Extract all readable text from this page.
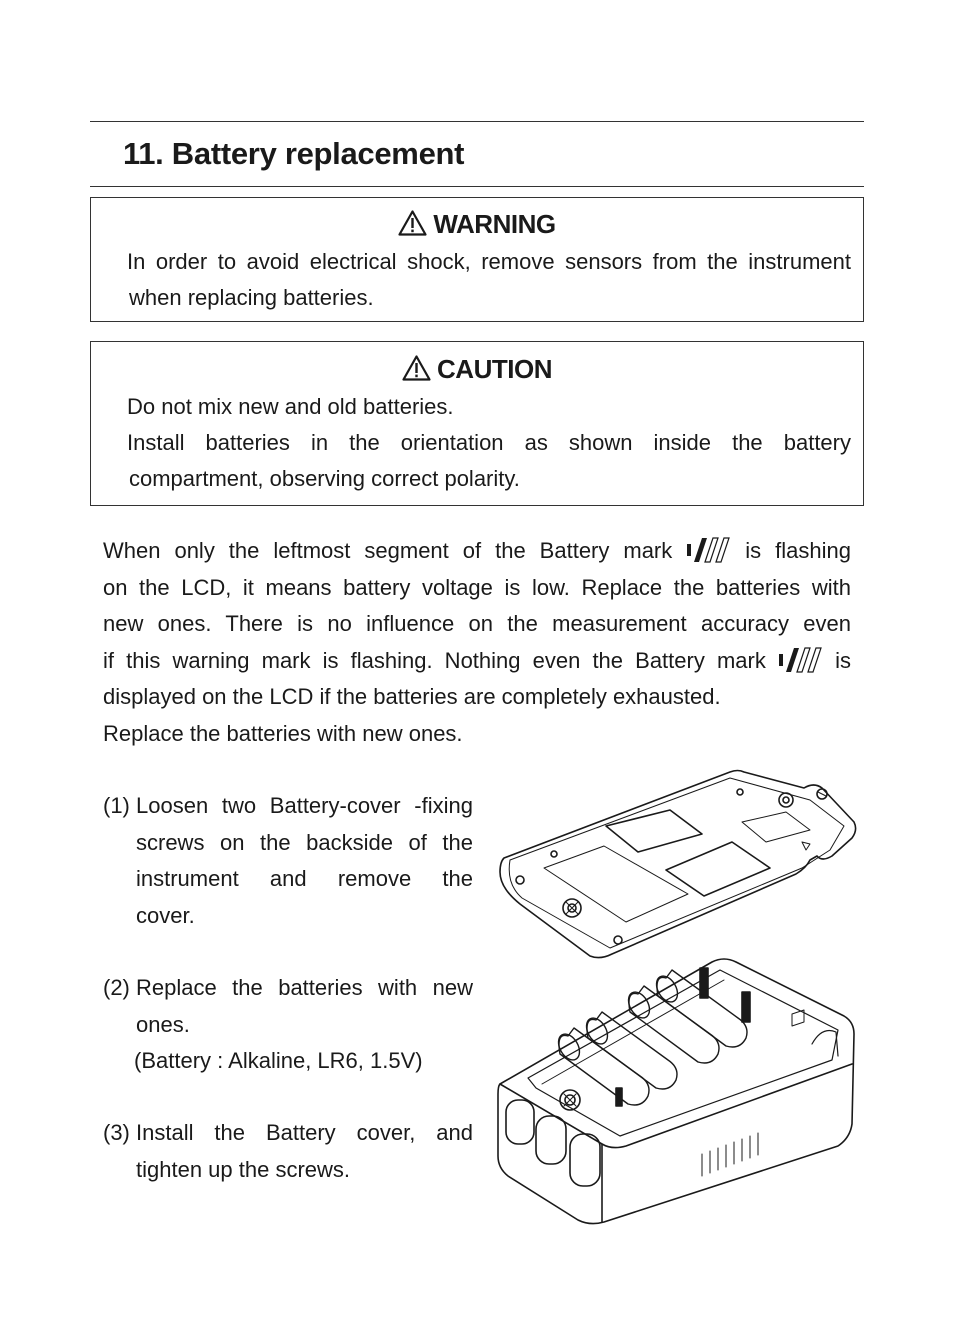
11. Battery replacement
WARNING
In order to avoid electrical shock, remove sensors from the instrument
when replacing batteries.
CAUTION
Do not mix new and old batteries.
Install batteries in the orientation as shown inside the battery
compartment, observing correct polarity.
When only the leftmost segment of the Battery mark	is flashing
on the LCD, it means battery voltage is low. Replace the batteries with
new ones. There is no influence on the measurement accuracy even
if this warning mark is flashing. Nothing even the Battery mark	is
displayed on the LCD if the batteries are completely exhausted.
Replace the batteries with new ones.
(1) Loosen two Battery-cover -fixing
screws on the backside of the
instrument and remove the
cover.
(2) Replace the batteries with new
ones.
(Battery : Alkaline, LR6, 1.5V)
(3) Install the Battery cover, and
tighten up the screws.
